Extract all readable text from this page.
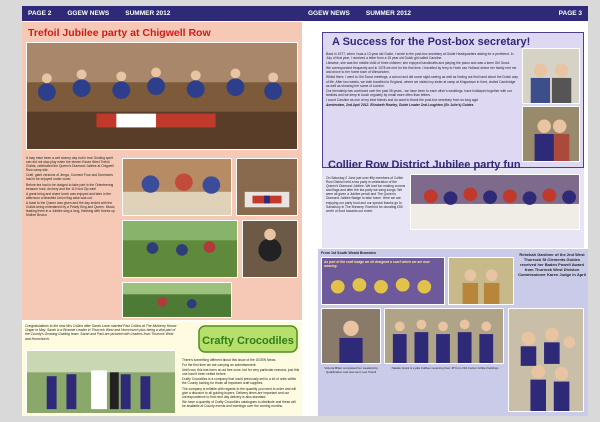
PAGE 2 GGEW NEWS SUMMER 2012
Trefoil Jubilee party at Chigwell Row

It may have been a wet stormy day but in true Guiding spirit rain did not stop play when the eleven Essex West Trefoil Guilds, celebrated the Queen's Diamond Jubilee at Chigwell Row camp site.

Craft, giant versions of Jenga, Connect Four and Dominoes had to be enjoyed under cover.

Before tea had to be dodged to take part in the Orienteering treasure hunt, Archery and the 110 foot Zip wire!

A great bring and share lunch was enjoyed and later in the afternoon a beautiful Union flag cake was cut.

A toast to the Queen was given and the day ended with the Guilds being entertained by a Pearly King and Queen. Music, leading them in a Jubilee sing a long, finishing with Knees up Mother Brown.

Congratulations to the new Mrs Collins after Sarah Lowe married Paul Collins at The Mulberry House Ongar in May. Sarah is a Brownie Leader in Thurrock West and Hornchurch plus being a vital part of the County's Growing Guiding team. Sarah and Paul are pictured with Leaders from Thurrock West and Hornchurch.	Crafty Crocodiles

There's something different about this issue of the GGEW News.

For the first time we are carrying an advertisement.

Until now, this has been an ad free zone, but for very particular reasons, just this one hasn't been vetted before.

Crafty Crocodiles is a company that could previously sell to a lot of units within the County looking for those all important craft supplies.

The company is reliable with regards to the quantity you need to order and will give a discount to all guiding buyers. Delivery times are important and our correspondence to that next day delivery is also standard.

We have a quantity of Crafty Crocodiles catalogues to distribute and these will be available at County events and meetings over the coming months.

GGEW NEWS SUMMER 2012	PAGE 3
A Success for the Post-box secretary!

Back in 1977, when I was a 13 year old Guide, I wrote to the post-box secretary at Guide Headquarters asking for a penfriend. In July of that year, I received a letter from a 15 year old Dutch girl called Caroline.

Likewise, she was the middle child of three children; she enjoyed handicrafts and playing the piano and was a keen Girl Scout.

We corresponded frequently and in 1978 we met for the first time. I travelled by ferry to Hoek van Holland where her family met me and drove to her home town of Winschoten.

Whilst there, I went to Girl Scout meetings, a school and did some sight-seeing as well as finding out first hand about the Dutch way of life. After two weeks, we both travelled to England, where we visited my sister at camp at Kingsdown in Kent, visited Cambridge as well as showing her some of London.

Our friendship has continued over the past 35 years - we have been to each other's weddings, have holidayed together with our families and we keep in touch regularly by email more often than letters.

I count Caroline as one of my best friends and do want to thank the post-box secretary from so long ago!

Amsterdam, 2nd April 2012. Elizabeth Rowley, Guide Leader 2nd Loughton (Sir Julie's) Guides

Collier Row District Jubilee party fun

On Saturday 2 June just over fifty members of Collier Row District held a tea party in celebration of the Queen's Diamond Jubilee. We had fun making crowns and flags and after the tea party we sang songs. We were all given a Jubilee pencil and The Queen's Diamond Jubilee Badge to take home. Here we are enjoying our party food and our special thanks go to Sainsbury in The Brewery, Romford for donating £50 worth of food towards our event.

From 1st South Weald Brownies
As part of the craft badge we all designed a scarf which we are now wearing.
Rebekah Gardiner of the 2nd West Thurrock St Clements Guides received her Baden Powell Award from Thurrock West Division Commissioner Karen Judge in April
Victoria Bitter completed her Leadership Qualification and was sent new Trefoil
Natalie Grant & Lydia Culliver receiving their JP from Old Corton Grittle Fieldings
